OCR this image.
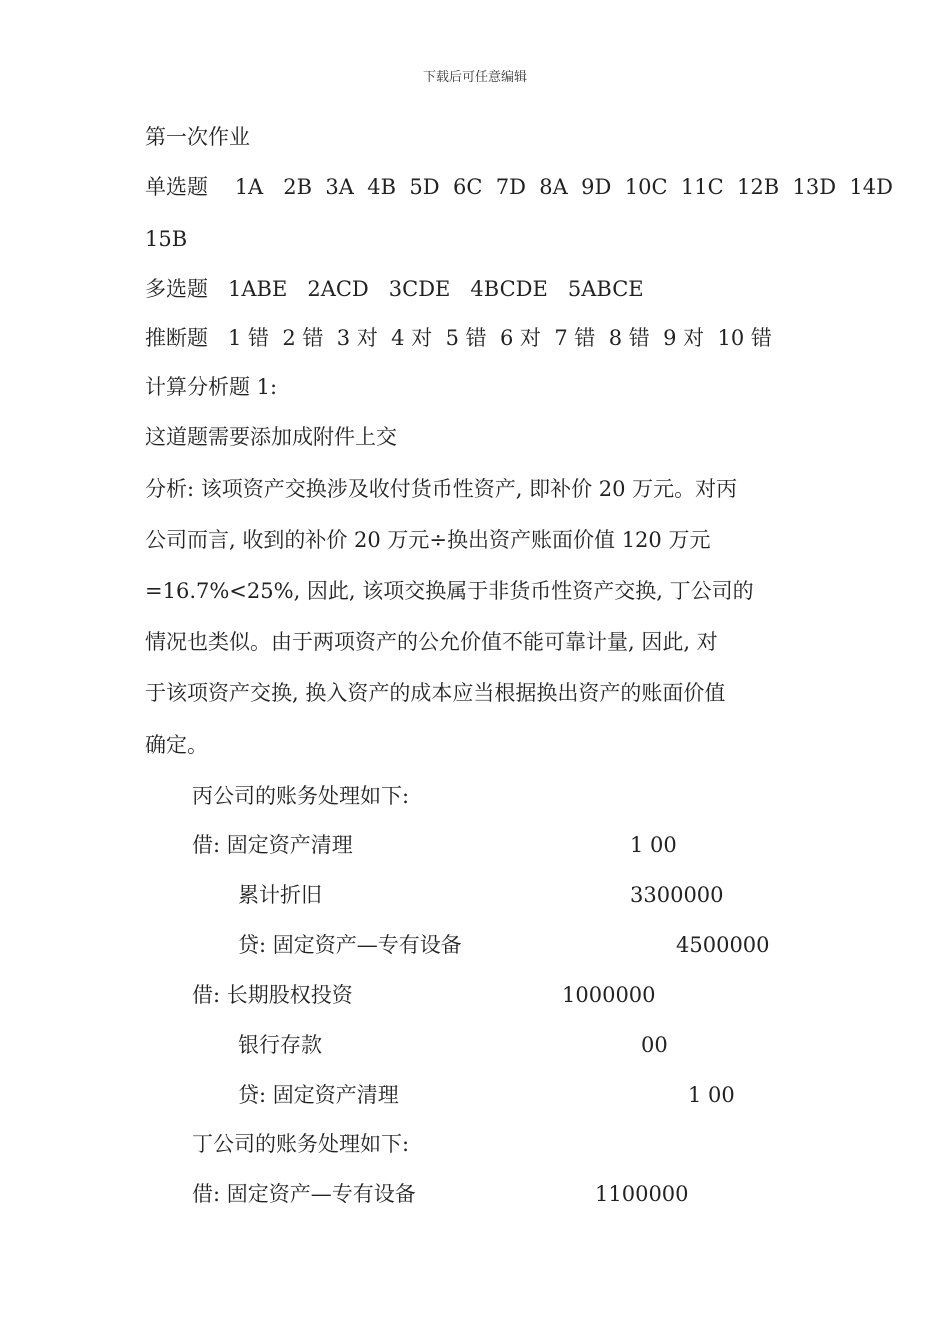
下载后可任意编辑
第一次作业
单选题    1A   2B  3A  4B  5D  6C  7D  8A  9D  10C  11C  12B  13D  14D
15B
多选题   1ABE   2ACD   3CDE   4BCDE   5ABCE
推断题   1 错  2 错  3 对  4 对  5 错  6 对  7 错  8 错  9 对  10 错
计算分析题 1:
这道题需要添加成附件上交
分析: 该项资产交换涉及收付货币性资产, 即补价 20 万元。对丙
公司而言, 收到的补价 20 万元÷换出资产账面价值 120 万元
=16.7%<25%, 因此, 该项交换属于非货币性资产交换, 丁公司的
情况也类似。由于两项资产的公允价值不能可靠计量, 因此, 对
于该项资产交换, 换入资产的成本应当根据换出资产的账面价值
确定。
丙公司的账务处理如下:
借: 固定资产清理	1 00
累计折旧	3300000
贷: 固定资产—专有设备	4500000
借: 长期股权投资	1000000
银行存款	00
贷: 固定资产清理	1 00
丁公司的账务处理如下:
借: 固定资产—专有设备	1100000
